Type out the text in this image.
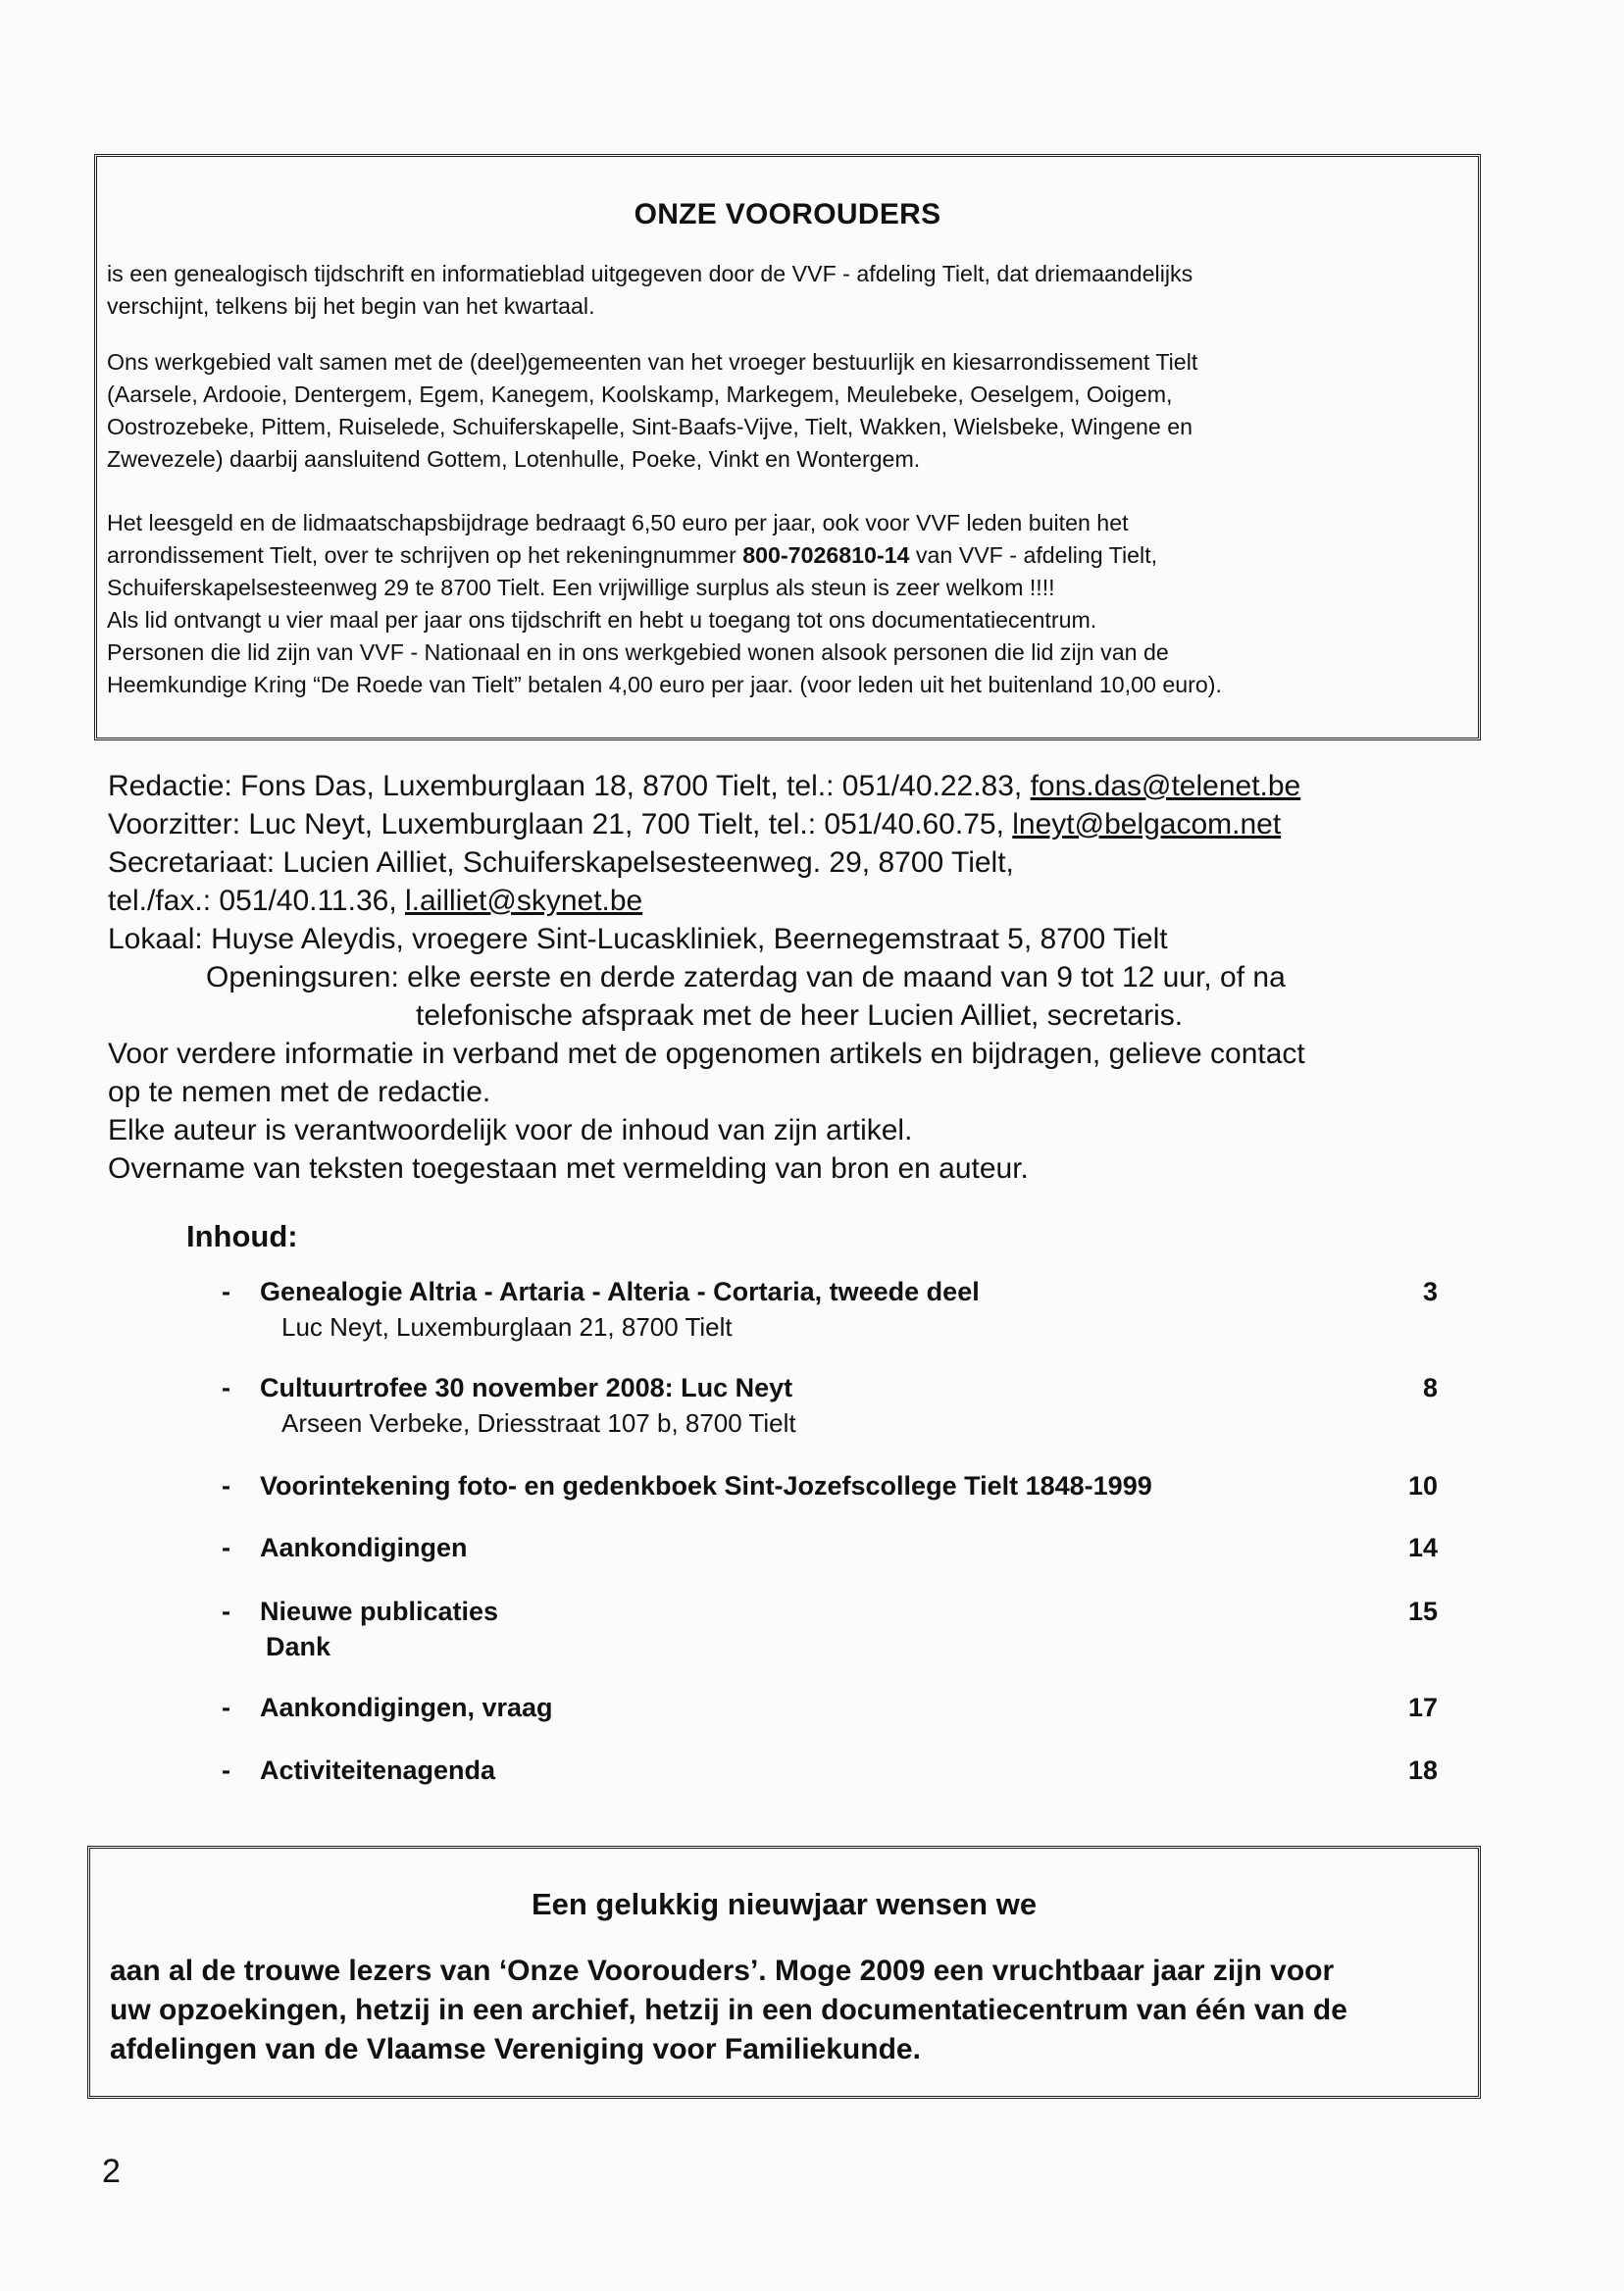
ONZE VOOROUDERS
is een genealogisch tijdschrift en informatieblad uitgegeven door de VVF - afdeling Tielt, dat driemaandelijks
verschijnt, telkens bij het begin van het kwartaal.
Ons werkgebied valt samen met de (deel)gemeenten van het vroeger bestuurlijk en kiesarrondissement Tielt
(Aarsele, Ardooie, Dentergem, Egem, Kanegem, Koolskamp, Markegem, Meulebeke, Oeselgem, Ooigem,
Oostrozebeke, Pittem, Ruiselede, Schuiferskapelle, Sint-Baafs-Vijve, Tielt, Wakken, Wielsbeke, Wingene en
Zwevezele) daarbij aansluitend Gottem, Lotenhulle, Poeke, Vinkt en Wontergem.
Het leesgeld en de lidmaatschapsbijdrage bedraagt 6,50 euro per jaar, ook voor VVF leden buiten het
arrondissement Tielt, over te schrijven op het rekeningnummer 800-7026810-14 van VVF - afdeling Tielt,
Schuiferskapelsesteenweg 29 te 8700 Tielt. Een vrijwillige surplus als steun is zeer welkom !!!!
Als lid ontvangt u vier maal per jaar ons tijdschrift en hebt u toegang tot ons documentatiecentrum.
Personen die lid zijn van VVF - Nationaal en in ons werkgebied wonen alsook personen die lid zijn van de
Heemkundige Kring “De Roede van Tielt” betalen 4,00 euro per jaar. (voor leden uit het buitenland 10,00 euro).
Redactie: Fons Das, Luxemburglaan 18, 8700 Tielt, tel.: 051/40.22.83, fons.das@telenet.be
Voorzitter: Luc Neyt, Luxemburglaan 21, 700 Tielt, tel.: 051/40.60.75, lneyt@belgacom.net
Secretariaat: Lucien Ailliet, Schuiferskapelsesteenweg. 29, 8700 Tielt,
tel./fax.: 051/40.11.36, l.ailliet@skynet.be
Lokaal: Huyse Aleydis, vroegere Sint-Lucaskliniek, Beernegemstraat 5, 8700 Tielt
Openingsuren: elke eerste en derde zaterdag van de maand van 9 tot 12 uur, of na
telefonische afspraak met de heer Lucien Ailliet, secretaris.
Voor verdere informatie in verband met de opgenomen artikels en bijdragen, gelieve contact
op te nemen met de redactie.
Elke auteur is verantwoordelijk voor de inhoud van zijn artikel.
Overname van teksten toegestaan met vermelding van bron en auteur.
Inhoud:
- Genealogie Altria - Artaria - Alteria - Cortaria, tweede deel	3
Luc Neyt, Luxemburglaan 21, 8700 Tielt
- Cultuurtrofee 30 november 2008: Luc Neyt	8
Arseen Verbeke, Driesstraat 107 b, 8700 Tielt
- Voorintekening foto- en gedenkboek Sint-Jozefscollege Tielt 1848-1999	10
- Aankondigingen	14
- Nieuwe publicaties	15
Dank
- Aankondigingen, vraag	17
- Activiteitenagenda	18
Een gelukkig nieuwjaar wensen we
aan al de trouwe lezers van ‘Onze Voorouders’. Moge 2009 een vruchtbaar jaar zijn voor
uw opzoekingen, hetzij in een archief, hetzij in een documentatiecentrum van één van de
afdelingen van de Vlaamse Vereniging voor Familiekunde.
2
